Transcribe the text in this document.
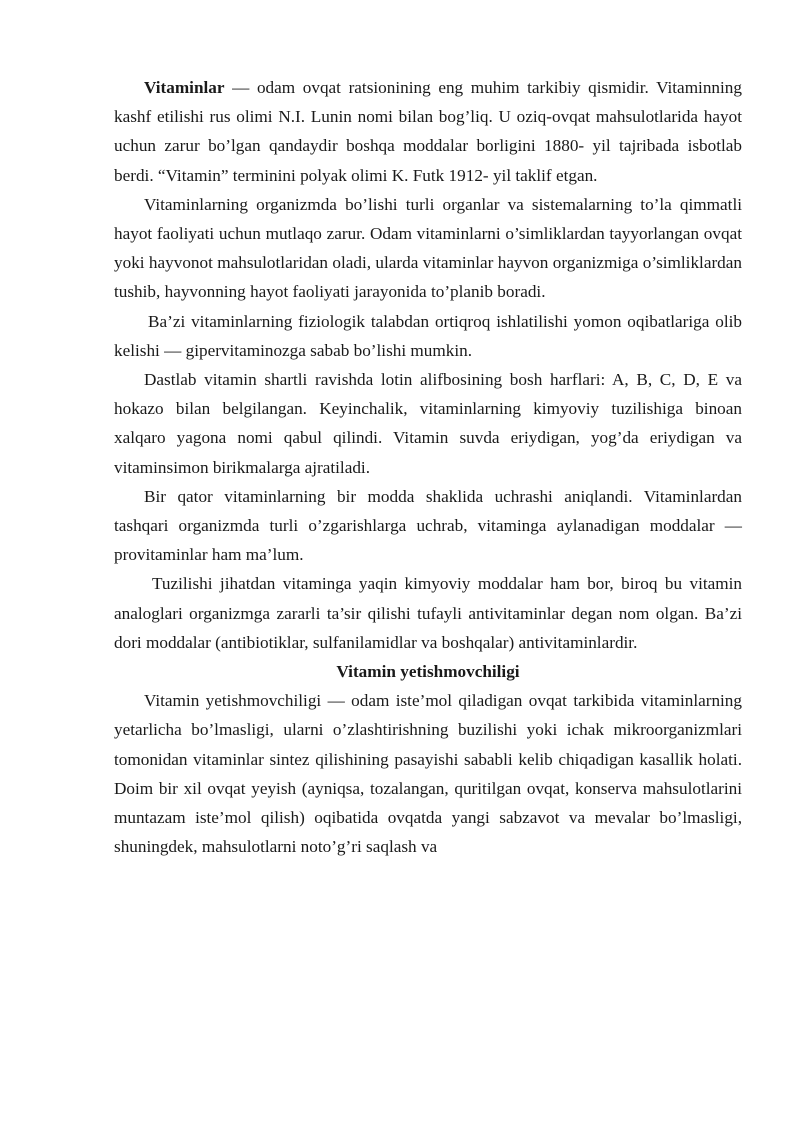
Vitaminlar — odam ovqat ratsionining eng muhim tarkibiy qismidir. Vitaminning kashf etilishi rus olimi N.I. Lunin nomi bilan bog’liq. U oziq-ovqat mahsulotlarida hayot uchun zarur bo’lgan qandaydir boshqa moddalar borligini 1880- yil tajribada isbotlab berdi. “Vitamin” terminini polyak olimi K. Futk 1912- yil taklif etgan.

Vitaminlarning organizmda bo’lishi turli organlar va sistemalarning to’la qimmatli hayot faoliyati uchun mutlaqo zarur. Odam vitaminlarni o’simliklardan tayyorlangan ovqat yoki hayvonot mahsulotlaridan oladi, ularda vitaminlar hayvon organizmiga o’simliklardan tushib, hayvonning hayot faoliyati jarayonida to’planib boradi.

Ba’zi vitaminlarning fiziologik talabdan ortiqroq ishlatilishi yomon oqibatlariga olib kelishi — gipervitaminozga sabab bo’lishi mumkin.

Dastlab vitamin shartli ravishda lotin alifbosining bosh harflari: A, B, C, D, E va hokazo bilan belgilangan. Keyinchalik, vitaminlarning kimyoviy tuzilishiga binoan xalqaro yagona nomi qabul qilindi. Vitamin suvda eriydigan, yog’da eriydigan va vitaminsimon birikmalarga ajratiladi.

Bir qator vitaminlarning bir modda shaklida uchrashi aniqlandi. Vitaminlardan tashqari organizmda turli o’zgarishlarga uchrab, vitaminga aylanadigan moddalar — provitaminlar ham ma’lum.

Tuzilishi jihatdan vitaminga yaqin kimyoviy moddalar ham bor, biroq bu vitamin analoglari organizmga zararli ta’sir qilishi tufayli antivitaminlar degan nom olgan. Ba’zi dori moddalar (antibiotiklar, sulfanilamidlar va boshqalar) antivitaminlardir.

Vitamin yetishmovchiligi

Vitamin yetishmovchiligi — odam iste’mol qiladigan ovqat tarkibida vitaminlarning yetarlicha bo’lmasligi, ularni o’zlashtirishning buzilishi yoki ichak mikroorganizmlari tomonidan vitaminlar sintez qilishining pasayishi sababli kelib chiqadigan kasallik holati. Doim bir xil ovqat yeyish (ayniqsa, tozalangan, quritilgan ovqat, konserva mahsulotlarini muntazam iste’mol qilish) oqibatida ovqatda yangi sabzavot va mevalar bo’lmasligi, shuningdek, mahsulotlarni noto’g’ri saqlash va
